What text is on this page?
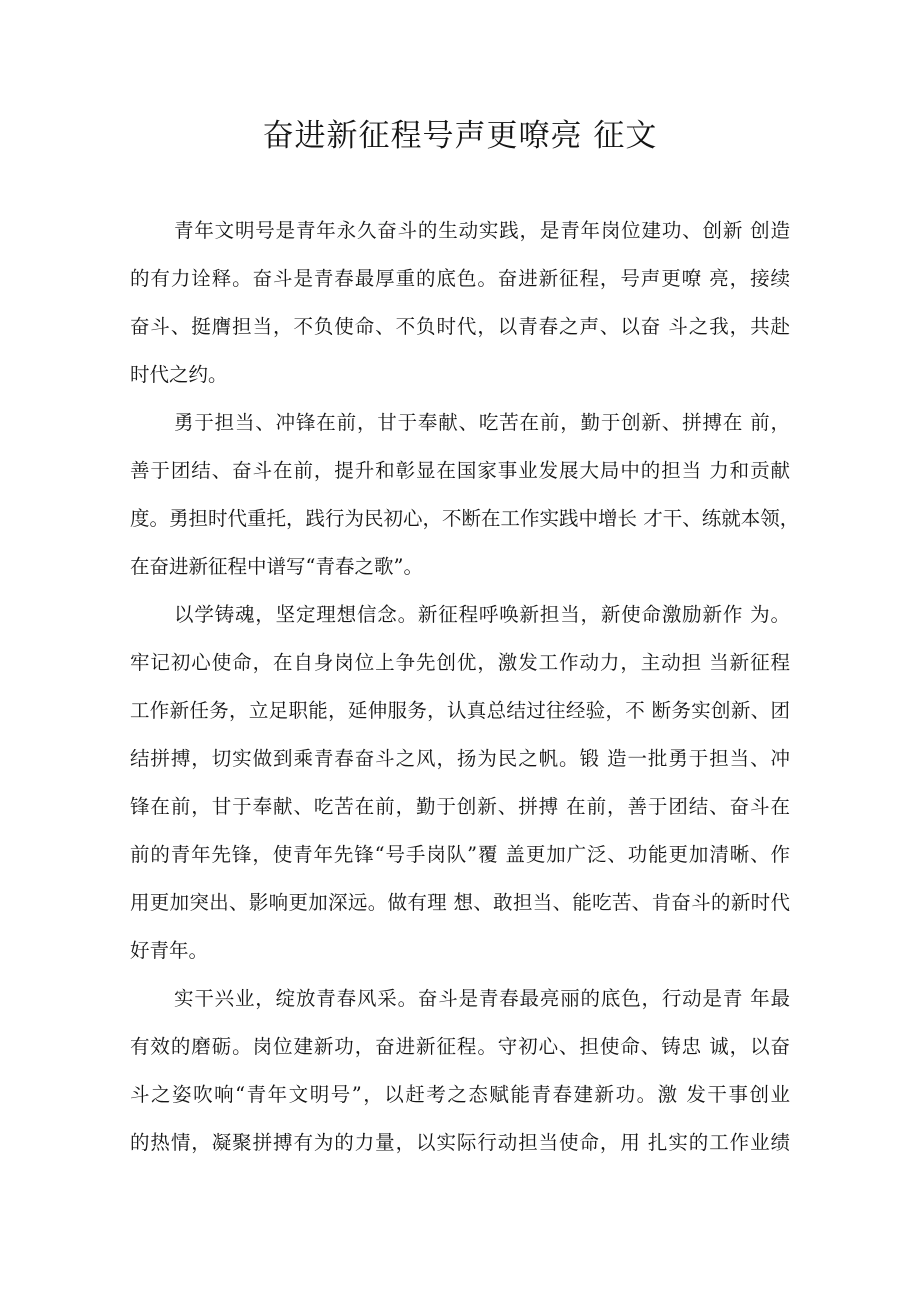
奋进新征程号声更嘹亮 征文

青年文明号是青年永久奋斗的生动实践，是青年岗位建功、创新 创造

的有力诠释。奋斗是青春最厚重的底色。奋进新征程，号声更嘹 亮，接续

奋斗、挺膺担当，不负使命、不负时代，以青春之声、以奋 斗之我，共赴

时代之约。

勇于担当、冲锋在前，甘于奉献、吃苦在前，勤于创新、拼搏在 前，

善于团结、奋斗在前，提升和彰显在国家事业发展大局中的担当 力和贡献

度。勇担时代重托，践行为民初心，不断在工作实践中增长 才干、练就本领，

在奋进新征程中谱写“青春之歌”。

以学铸魂，坚定理想信念。新征程呼唤新担当，新使命激励新作 为。

牢记初心使命，在自身岗位上争先创优，激发工作动力，主动担 当新征程

工作新任务，立足职能，延伸服务，认真总结过往经验，不 断务实创新、团

结拼搏，切实做到乘青春奋斗之风，扬为民之帆。锻 造一批勇于担当、冲

锋在前，甘于奉献、吃苦在前，勤于创新、拼搏 在前，善于团结、奋斗在

前的青年先锋，使青年先锋“号手岗队”覆 盖更加广泛、功能更加清晰、作

用更加突出、影响更加深远。做有理 想、敢担当、能吃苦、肯奋斗的新时代

好青年。

实干兴业，绽放青春风采。奋斗是青春最亮丽的底色，行动是青 年最

有效的磨砺。岗位建新功，奋进新征程。守初心、担使命、铸忠 诚，以奋

斗之姿吹响“青年文明号”，以赶考之态赋能青春建新功。激 发干事创业

的热情，凝聚拼搏有为的力量，以实际行动担当使命，用 扎实的工作业绩
